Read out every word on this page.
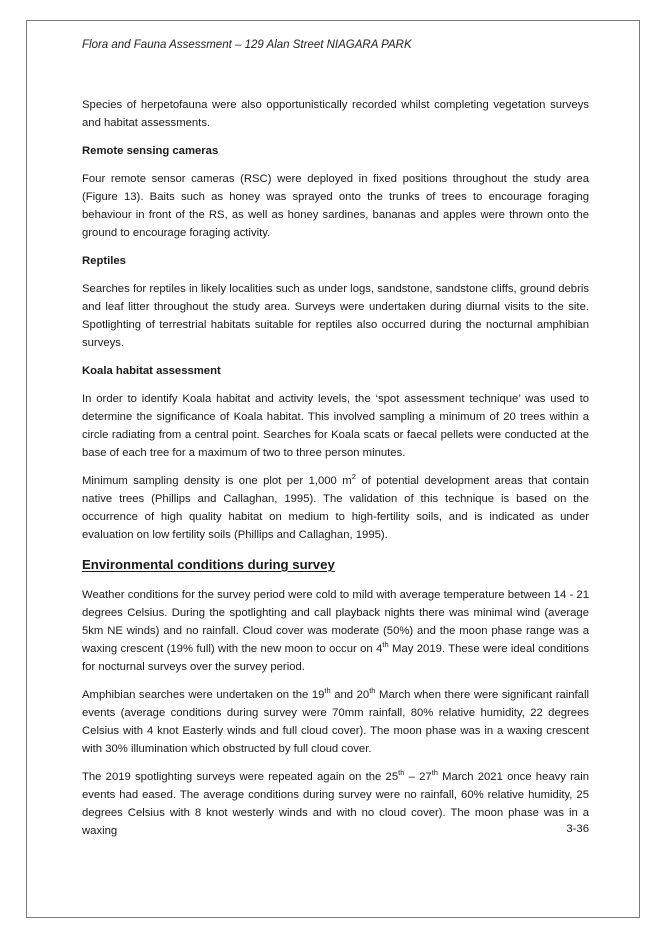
Flora and Fauna Assessment – 129 Alan Street NIAGARA PARK

Species of herpetofauna were also opportunistically recorded whilst completing vegetation surveys and habitat assessments.

Remote sensing cameras

Four remote sensor cameras (RSC) were deployed in fixed positions throughout the study area (Figure 13). Baits such as honey was sprayed onto the trunks of trees to encourage foraging behaviour in front of the RS, as well as honey sardines, bananas and apples were thrown onto the ground to encourage foraging activity.

Reptiles

Searches for reptiles in likely localities such as under logs, sandstone, sandstone cliffs, ground debris and leaf litter throughout the study area. Surveys were undertaken during diurnal visits to the site. Spotlighting of terrestrial habitats suitable for reptiles also occurred during the nocturnal amphibian surveys.

Koala habitat assessment

In order to identify Koala habitat and activity levels, the ‘spot assessment technique’ was used to determine the significance of Koala habitat. This involved sampling a minimum of 20 trees within a circle radiating from a central point. Searches for Koala scats or faecal pellets were conducted at the base of each tree for a maximum of two to three person minutes.

Minimum sampling density is one plot per 1,000 $m^2$ of potential development areas that contain native trees (Phillips and Callaghan, 1995). The validation of this technique is based on the occurrence of high quality habitat on medium to high-fertility soils, and is indicated as under evaluation on low fertility soils (Phillips and Callaghan, 1995).

Environmental conditions during survey

Weather conditions for the survey period were cold to mild with average temperature between 14 - 21 degrees Celsius. During the spotlighting and call playback nights there was minimal wind (average 5km NE winds) and no rainfall. Cloud cover was moderate (50%) and the moon phase range was a waxing crescent (19% full) with the new moon to occur on 4th May 2019. These were ideal conditions for nocturnal surveys over the survey period.

Amphibian searches were undertaken on the 19th and 20th March when there were significant rainfall events (average conditions during survey were 70mm rainfall, 80% relative humidity, 22 degrees Celsius with 4 knot Easterly winds and full cloud cover). The moon phase was in a waxing crescent with 30% illumination which obstructed by full cloud cover.

The 2019 spotlighting surveys were repeated again on the 25th – 27th March 2021 once heavy rain events had eased. The average conditions during survey were no rainfall, 60% relative humidity, 25 degrees Celsius with 8 knot westerly winds and with no cloud cover). The moon phase was in a waxing	3-36
